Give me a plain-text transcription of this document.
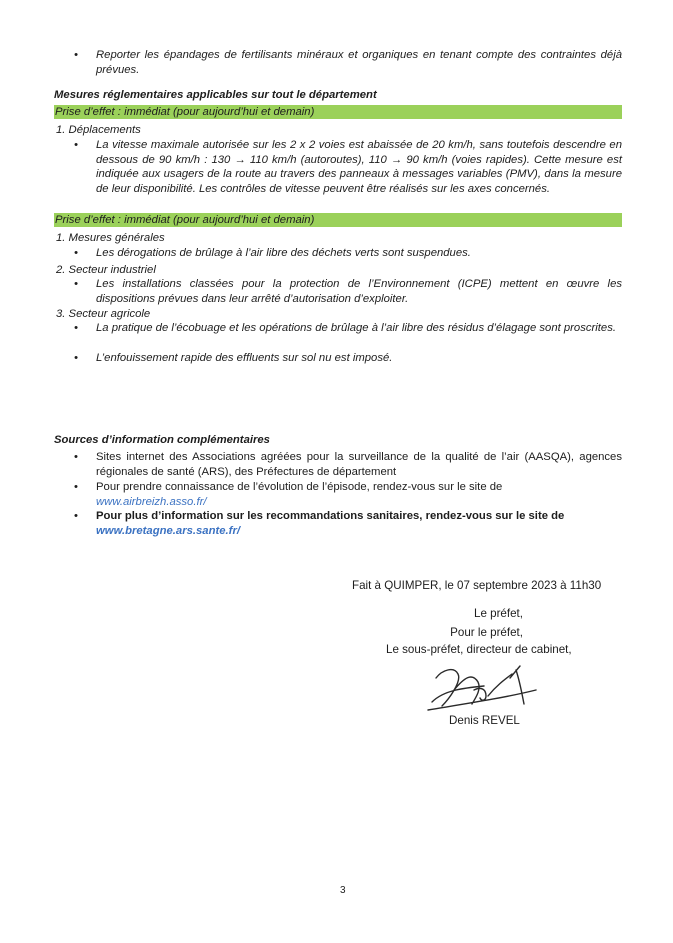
•	Reporter les épandages de fertilisants minéraux et organiques en tenant compte des contraintes déjà prévues.
Mesures réglementaires applicables sur tout le département
Prise d’effet : immédiat (pour aujourd’hui et demain)
1. Déplacements
•	La vitesse maximale autorisée sur les 2 x 2 voies est abaissée de 20 km/h, sans toutefois descendre en dessous de 90 km/h : 130 → 110 km/h (autoroutes), 110 → 90 km/h (voies rapides). Cette mesure est indiquée aux usagers de la route au travers des panneaux à messages variables (PMV), dans la mesure de leur disponibilité. Les contrôles de vitesse peuvent être réalisés sur les axes concernés.
Prise d’effet : immédiat (pour aujourd’hui et demain)
1. Mesures générales
•	Les dérogations de brûlage à l’air libre des déchets verts sont suspendues.
2. Secteur industriel
•	Les installations classées pour la protection de l’Environnement (ICPE) mettent en œuvre les dispositions prévues dans leur arrêté d’autorisation d’exploiter.
3. Secteur agricole
•	La pratique de l’écobuage et les opérations de brûlage à l’air libre des résidus d’élagage sont proscrites.
•	L’enfouissement rapide des effluents sur sol nu est imposé.
Sources d’information complémentaires
•	Sites internet des Associations agréées pour la surveillance de la qualité de l’air (AASQA), agences régionales de santé (ARS), des Préfectures de département
•	Pour prendre connaissance de l’évolution de l’épisode, rendez-vous sur le site de
www.airbreizh.asso.fr/
•	Pour plus d’information sur les recommandations sanitaires, rendez-vous sur le site de
www.bretagne.ars.sante.fr/
Fait à QUIMPER, le 07 septembre 2023 à 11h30
Le préfet,
Pour le préfet,
Le sous-préfet, directeur de cabinet,
Denis REVEL
3
